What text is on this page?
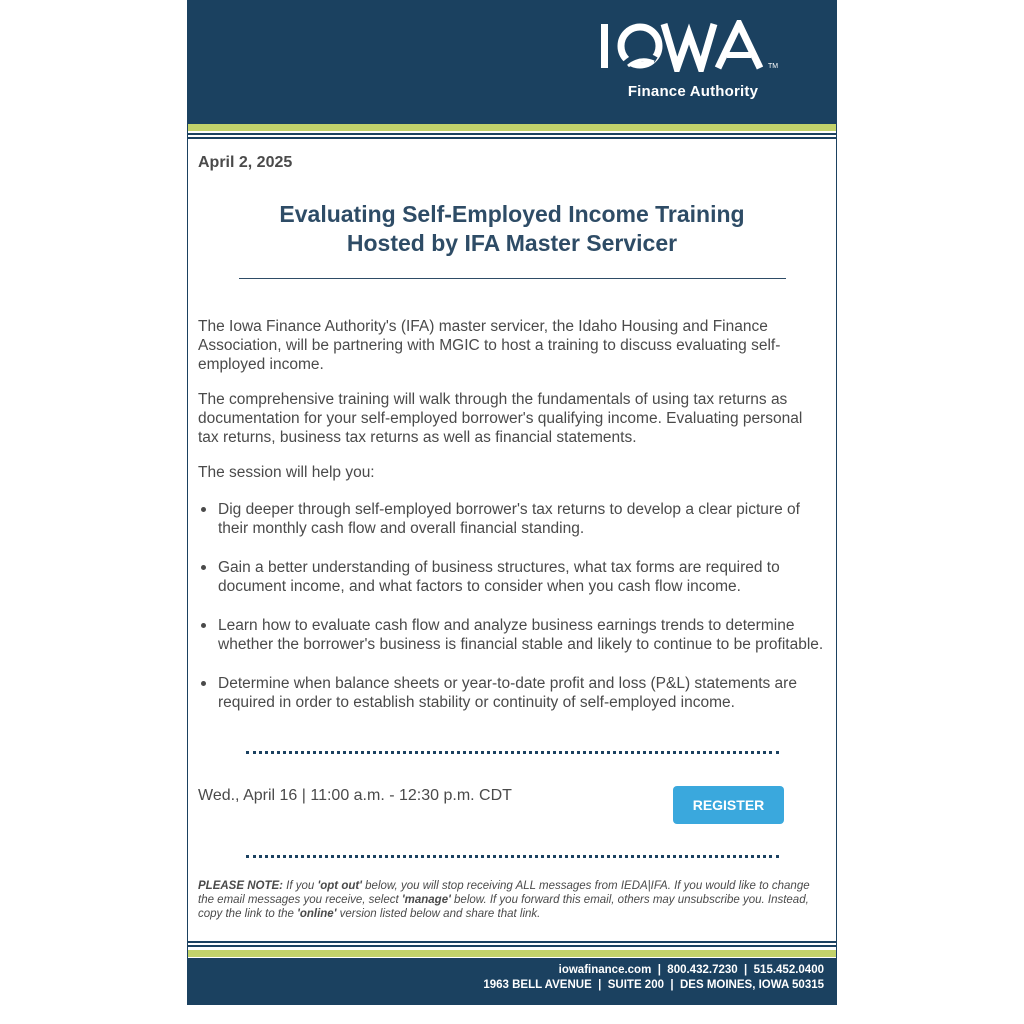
TM
Finance Authority
April 2, 2025
Evaluating Self-Employed Income Training
Hosted by IFA Master Servicer

The Iowa Finance Authority's (IFA) master servicer, the Idaho Housing and Finance Association, will be partnering with MGIC to host a training to discuss evaluating self-employed income.

The comprehensive training will walk through the fundamentals of using tax returns as documentation for your self-employed borrower's qualifying income. Evaluating personal tax returns, business tax returns as well as financial statements.

The session will help you:

Dig deeper through self-employed borrower's tax returns to develop a clear picture of their monthly cash flow and overall financial standing.
Gain a better understanding of business structures, what tax forms are required to document income, and what factors to consider when you cash flow income.
Learn how to evaluate cash flow and analyze business earnings trends to determine whether the borrower's business is financial stable and likely to continue to be profitable.
Determine when balance sheets or year-to-date profit and loss (P&L) statements are required in order to establish stability or continuity of self-employed income.
Wed., April 16 | 11:00 a.m. - 12:30 p.m. CDT
REGISTER
PLEASE NOTE: If you 'opt out' below, you will stop receiving ALL messages from IEDA|IFA. If you would like to change the email messages you receive, select 'manage' below. If you forward this email, others may unsubscribe you. Instead, copy the link to the 'online' version listed below and share that link.
iowafinance.com  |  800.432.7230  |  515.452.0400
1963 BELL AVENUE  |  SUITE 200  |  DES MOINES, IOWA 50315
